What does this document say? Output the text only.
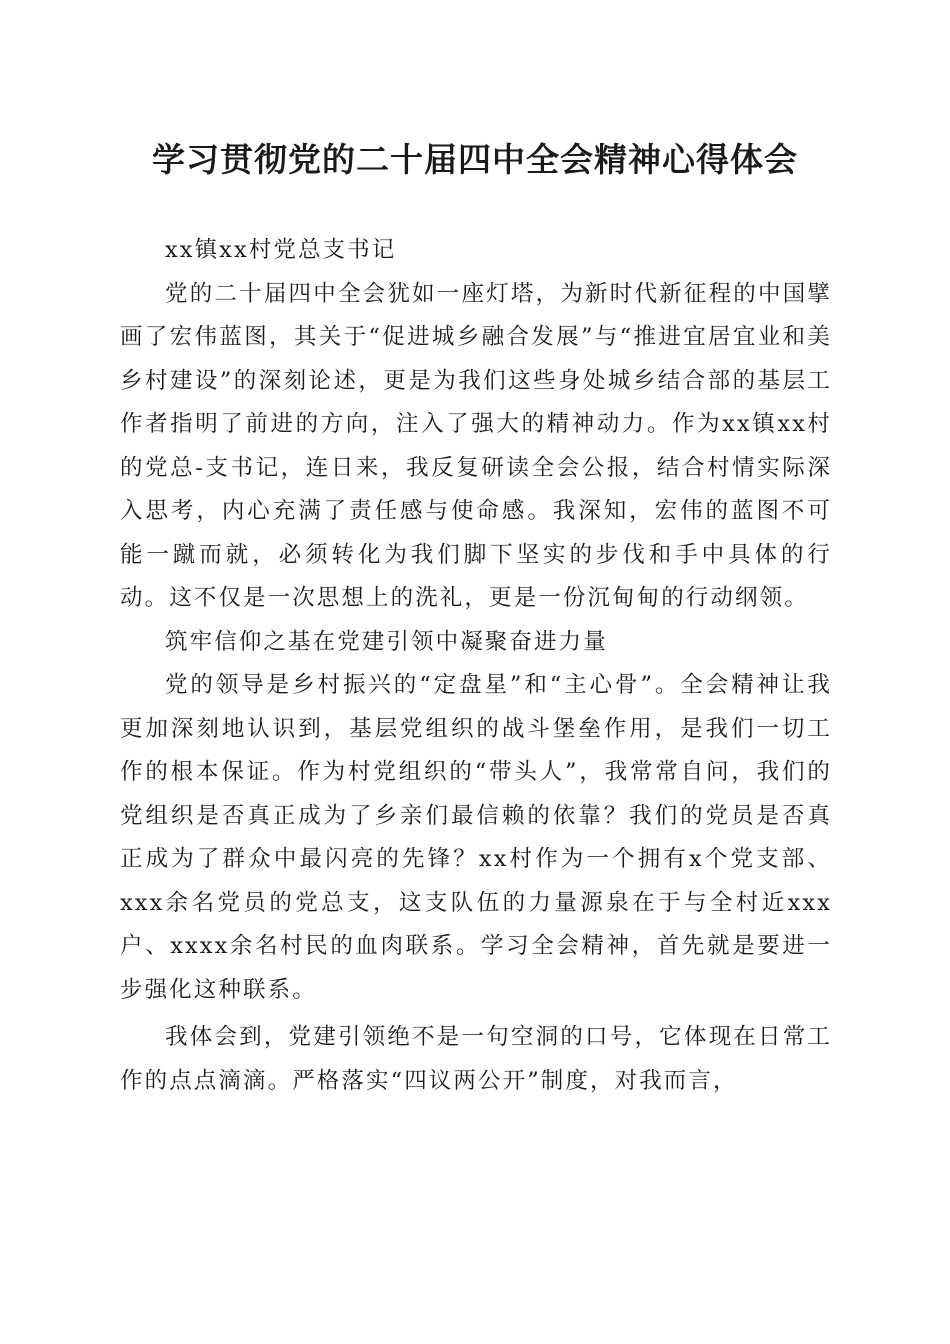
学习贯彻党的二十届四中全会精神心得体会

xx镇xx村党总支书记

党的二十届四中全会犹如一座灯塔，为新时代新征程的中国擘画了宏伟蓝图，其关于“促进城乡融合发展”与“推进宜居宜业和美乡村建设”的深刻论述，更是为我们这些身处城乡结合部的基层工作者指明了前进的方向，注入了强大的精神动力。作为xx镇xx村的党总-支书记，连日来，我反复研读全会公报，结合村情实际深入思考，内心充满了责任感与使命感。我深知，宏伟的蓝图不可能一蹴而就，必须转化为我们脚下坚实的步伐和手中具体的行动。这不仅是一次思想上的洗礼，更是一份沉甸甸的行动纲领。

筑牢信仰之基在党建引领中凝聚奋进力量

党的领导是乡村振兴的“定盘星”和“主心骨”。全会精神让我更加深刻地认识到，基层党组织的战斗堡垒作用，是我们一切工作的根本保证。作为村党组织的“带头人”，我常常自问，我们的党组织是否真正成为了乡亲们最信赖的依靠？我们的党员是否真正成为了群众中最闪亮的先锋？xx村作为一个拥有x个党支部、xxx余名党员的党总支，这支队伍的力量源泉在于与全村近xxx户、xxxx余名村民的血肉联系。学习全会精神，首先就是要进一步强化这种联系。

我体会到，党建引领绝不是一句空洞的口号，它体现在日常工作的点点滴滴。严格落实“四议两公开”制度，对我而言，
